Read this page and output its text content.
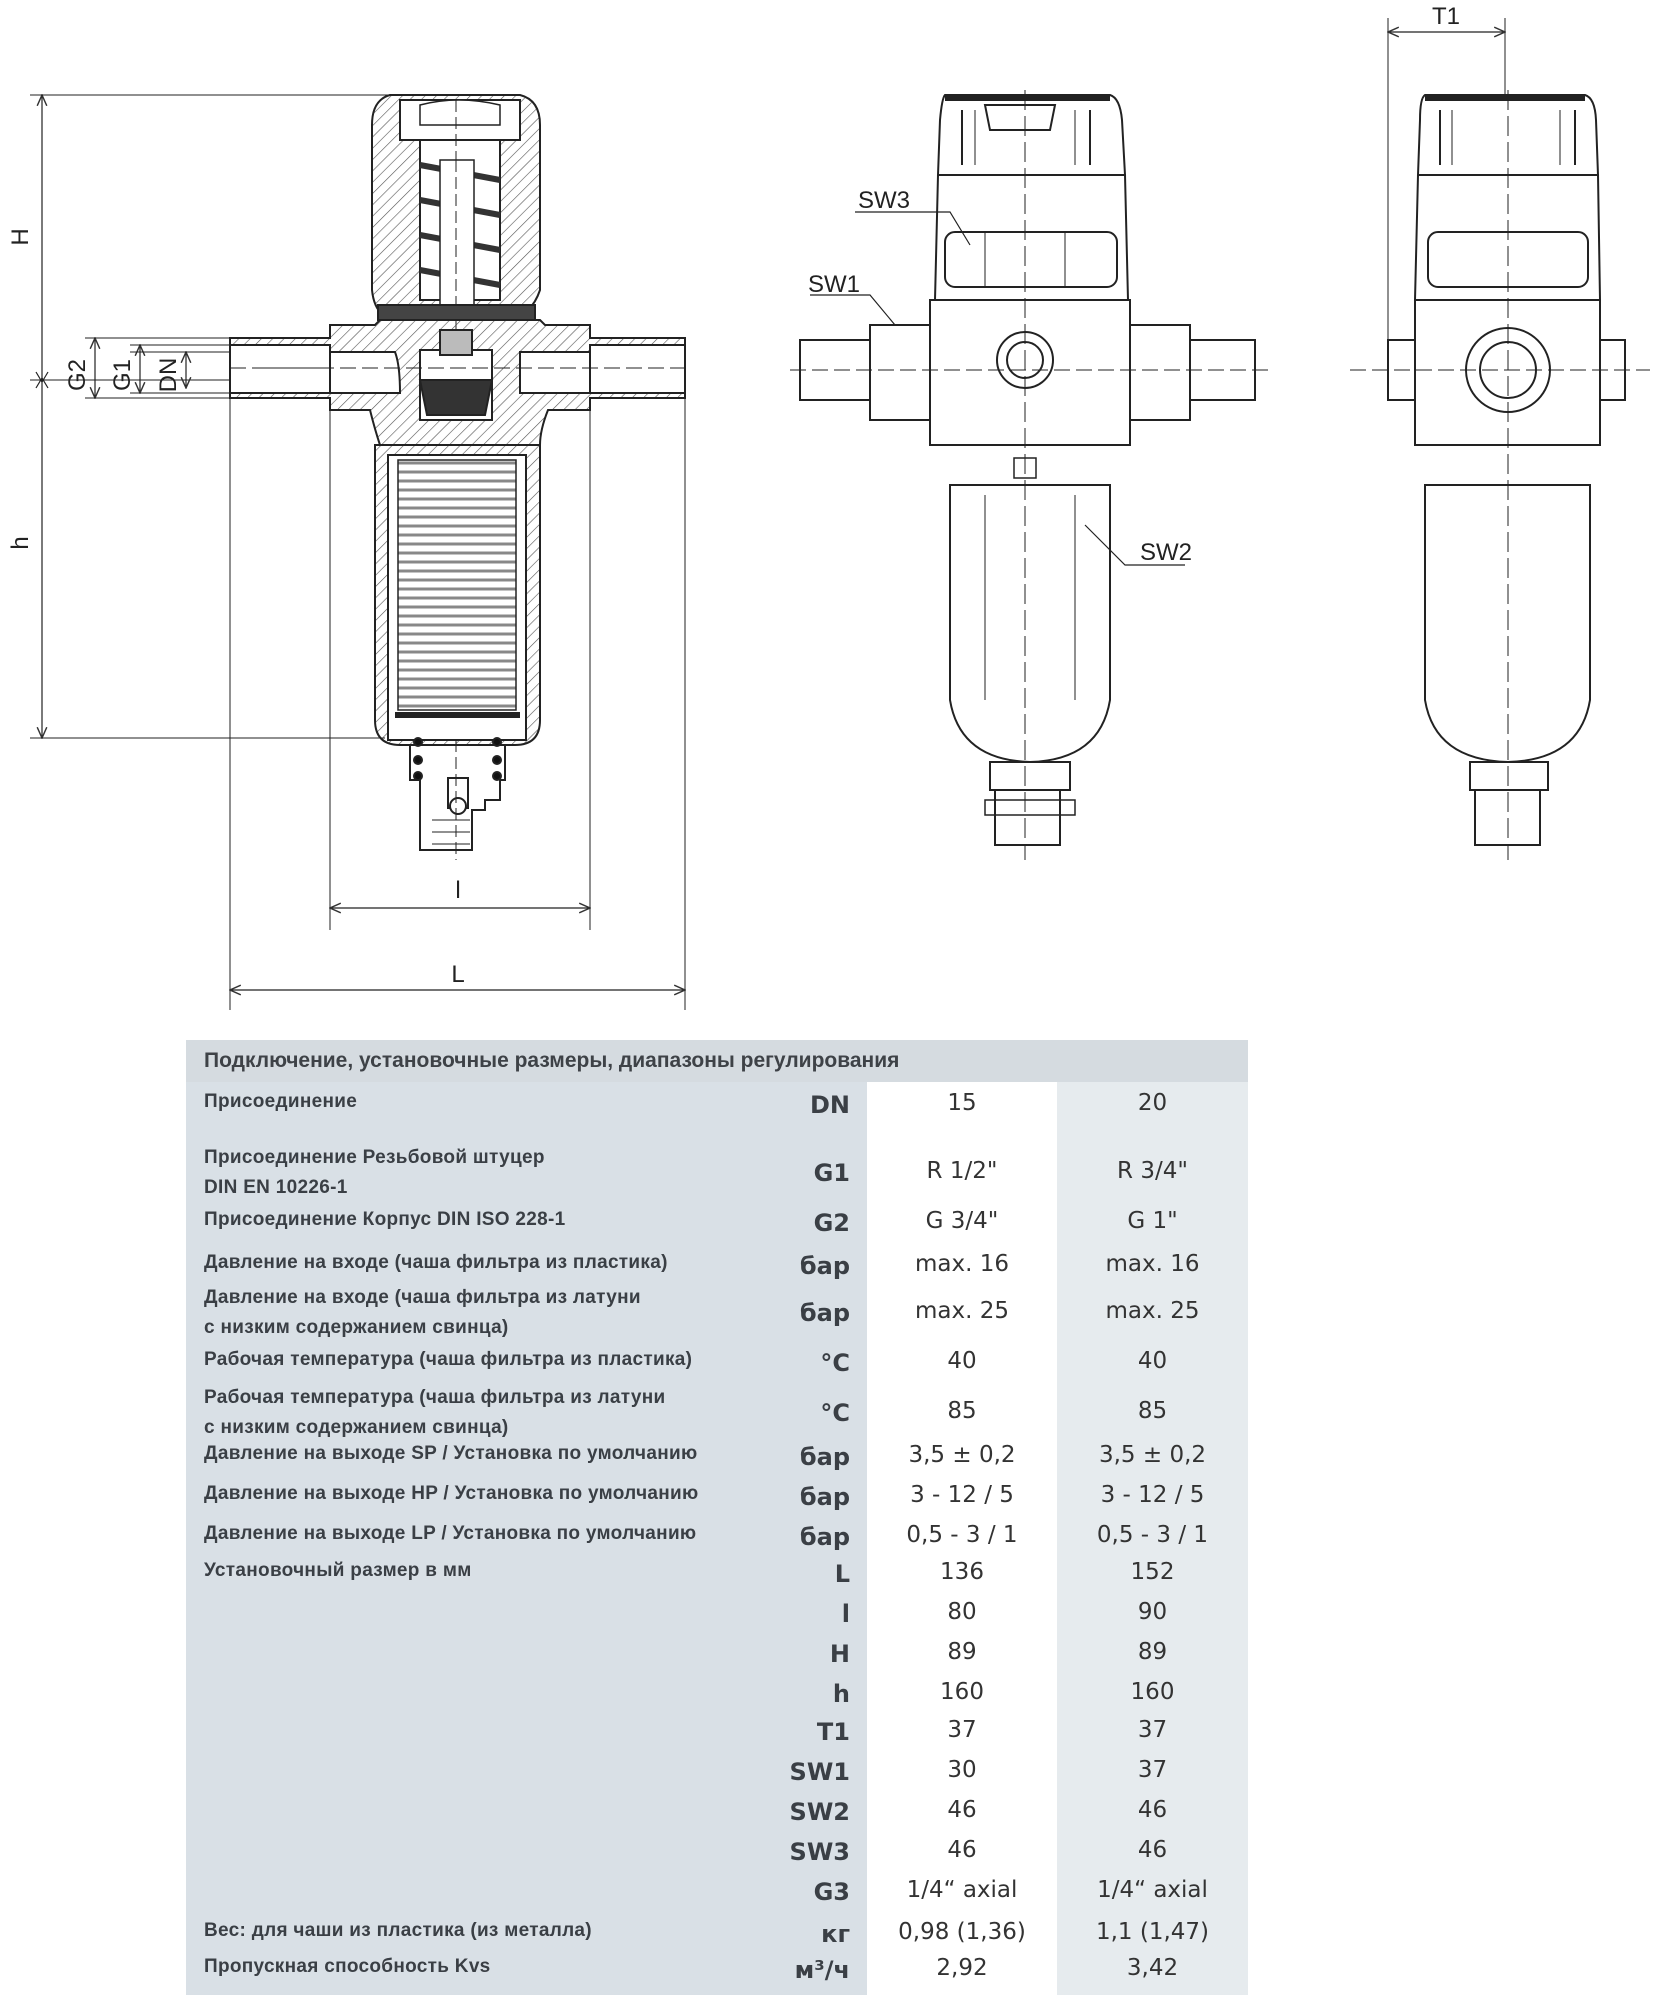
H
h
G2 G1 DN
l
L
SW3
SW1
SW2
T1
Подключение, установочные размеры, диапазоны регулирования
Присоединение	DN	15	20
Присоединение Резьбовой штуцер
DIN EN 10226-1
G1	R 1/2"	R 3/4"
Присоединение Корпус DIN ISO 228-1	G2	G 3/4"	G 1"
Давление на входе (чаша фильтра из пластика)	бар	max. 16	max. 16
Давление на входе (чаша фильтра из латуни
с низким содержанием свинца)
бар	max. 25	max. 25
Рабочая температура (чаша фильтра из пластика)	°C	40	40
Рабочая температура (чаша фильтра из латуни
с низким содержанием свинца)
°C	85	85
Давление на выходе SP / Установка по умолчанию	бар	3,5 ± 0,2	3,5 ± 0,2
Давление на выходе HP / Установка по умолчанию	бар	3 - 12 / 5	3 - 12 / 5
Давление на выходе LP / Установка по умолчанию	бар	0,5 - 3 / 1	0,5 - 3 / 1
Установочный размер в мм	L	136	152
l	80	90
H	89	89
h	160	160
T1	37	37
SW1	30	37
SW2	46	46
SW3	46	46
G3	1/4“ axial	1/4“ axial
Вес: для чаши из пластика (из металла)	кг	0,98 (1,36)	1,1 (1,47)
Пропускная способность Kvs	м³/ч	2,92	3,42
